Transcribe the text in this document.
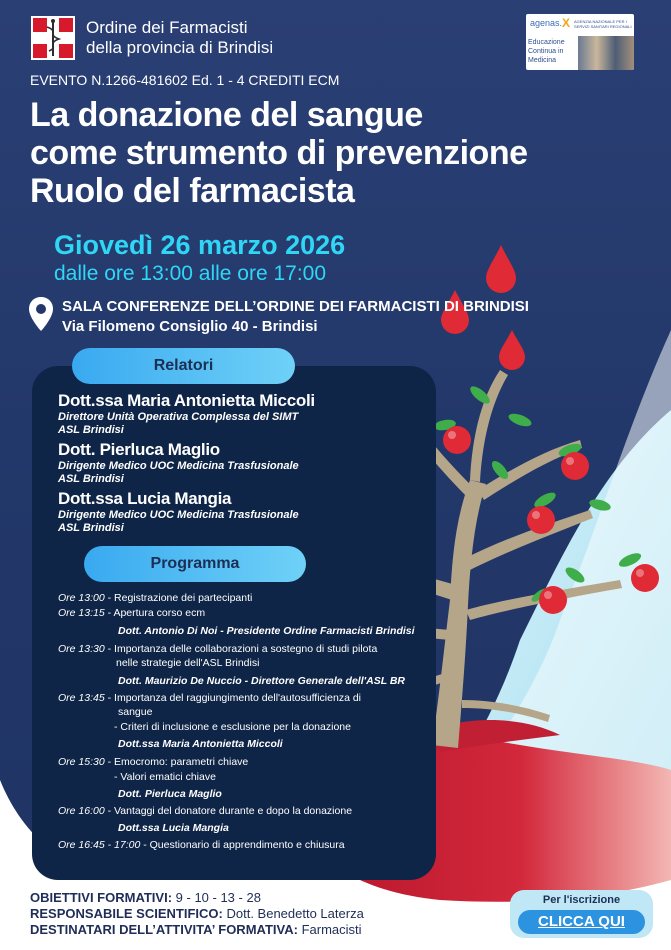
Ordine dei Farmacisti
della provincia di Brindisi
agenas. X AGENZIA NAZIONALE PER I SERVIZI SANITARI REGIONALI
Educazione Continua in Medicina
EVENTO N.1266-481602 Ed. 1 - 4 CREDITI ECM
La donazione del sangue
come strumento di prevenzione
Ruolo del farmacista
Giovedì 26 marzo 2026
dalle ore 13:00 alle ore 17:00
SALA CONFERENZE DELL’ORDINE DEI FARMACISTI DI BRINDISI
Via Filomeno Consiglio 40 - Brindisi
Relatori
Dott.ssa Maria Antonietta Miccoli
Direttore Unità Operativa Complessa del SIMT
ASL Brindisi
Dott. Pierluca Maglio
Dirigente Medico UOC Medicina Trasfusionale
ASL Brindisi
Dott.ssa Lucia Mangia
Dirigente Medico UOC Medicina Trasfusionale
ASL Brindisi
Programma
Ore 13:00 - Registrazione dei partecipanti
Ore 13:15 - Apertura corso ecm
Dott. Antonio Di Noi - Presidente Ordine Farmacisti Brindisi
Ore 13:30 - Importanza delle collaborazioni a sostegno di studi pilota
nelle strategie dell'ASL Brindisi
Dott. Maurizio De Nuccio - Direttore Generale dell'ASL BR
Ore 13:45 - Importanza del raggiungimento dell'autosufficienza di
sangue
- Criteri di inclusione e esclusione per la donazione
Dott.ssa Maria Antonietta Miccoli
Ore 15:30 - Emocromo: parametri chiave
- Valori ematici chiave
Dott. Pierluca Maglio
Ore 16:00 - Vantaggi del donatore durante e dopo la donazione
Dott.ssa Lucia Mangia
Ore 16:45 - 17:00 - Questionario di apprendimento e chiusura
OBIETTIVI FORMATIVI: 9 - 10 - 13 - 28
RESPONSABILE SCIENTIFICO: Dott. Benedetto Laterza
DESTINATARI DELL’ATTIVITA’ FORMATIVA: Farmacisti
Per l'iscrizione
CLICCA QUI
